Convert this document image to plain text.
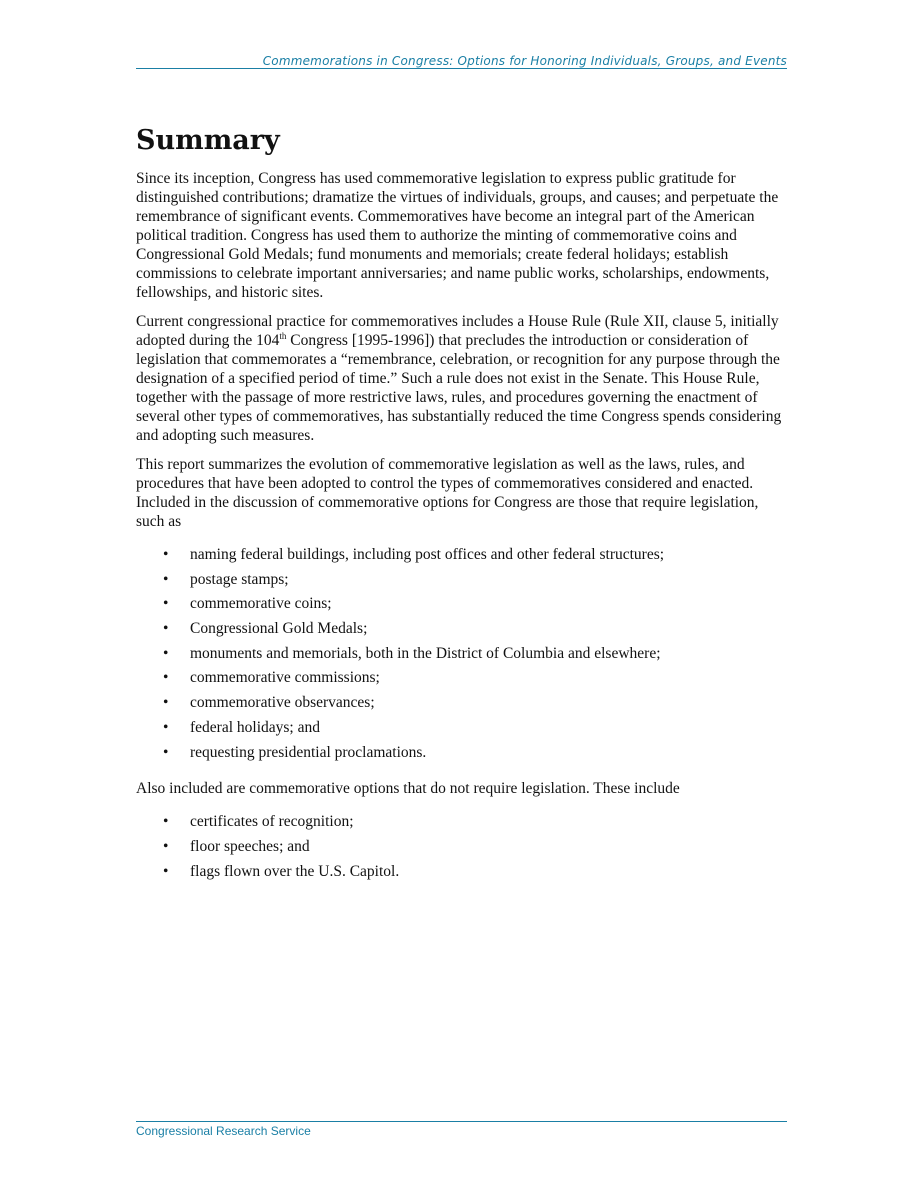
Commemorations in Congress: Options for Honoring Individuals, Groups, and Events
Summary

Since its inception, Congress has used commemorative legislation to express public gratitude for distinguished contributions; dramatize the virtues of individuals, groups, and causes; and perpetuate the remembrance of significant events. Commemoratives have become an integral part of the American political tradition. Congress has used them to authorize the minting of commemorative coins and Congressional Gold Medals; fund monuments and memorials; create federal holidays; establish commissions to celebrate important anniversaries; and name public works, scholarships, endowments, fellowships, and historic sites.

Current congressional practice for commemoratives includes a House Rule (Rule XII, clause 5, initially adopted during the 104th Congress [1995-1996]) that precludes the introduction or consideration of legislation that commemorates a “remembrance, celebration, or recognition for any purpose through the designation of a specified period of time.” Such a rule does not exist in the Senate. This House Rule, together with the passage of more restrictive laws, rules, and procedures governing the enactment of several other types of commemoratives, has substantially reduced the time Congress spends considering and adopting such measures.

This report summarizes the evolution of commemorative legislation as well as the laws, rules, and procedures that have been adopted to control the types of commemoratives considered and enacted. Included in the discussion of commemorative options for Congress are those that require legislation, such as

• naming federal buildings, including post offices and other federal structures;
• postage stamps;
• commemorative coins;
• Congressional Gold Medals;
• monuments and memorials, both in the District of Columbia and elsewhere;
• commemorative commissions;
• commemorative observances;
• federal holidays; and
• requesting presidential proclamations.

Also included are commemorative options that do not require legislation. These include

• certificates of recognition;
• floor speeches; and
• flags flown over the U.S. Capitol.
Congressional Research Service
